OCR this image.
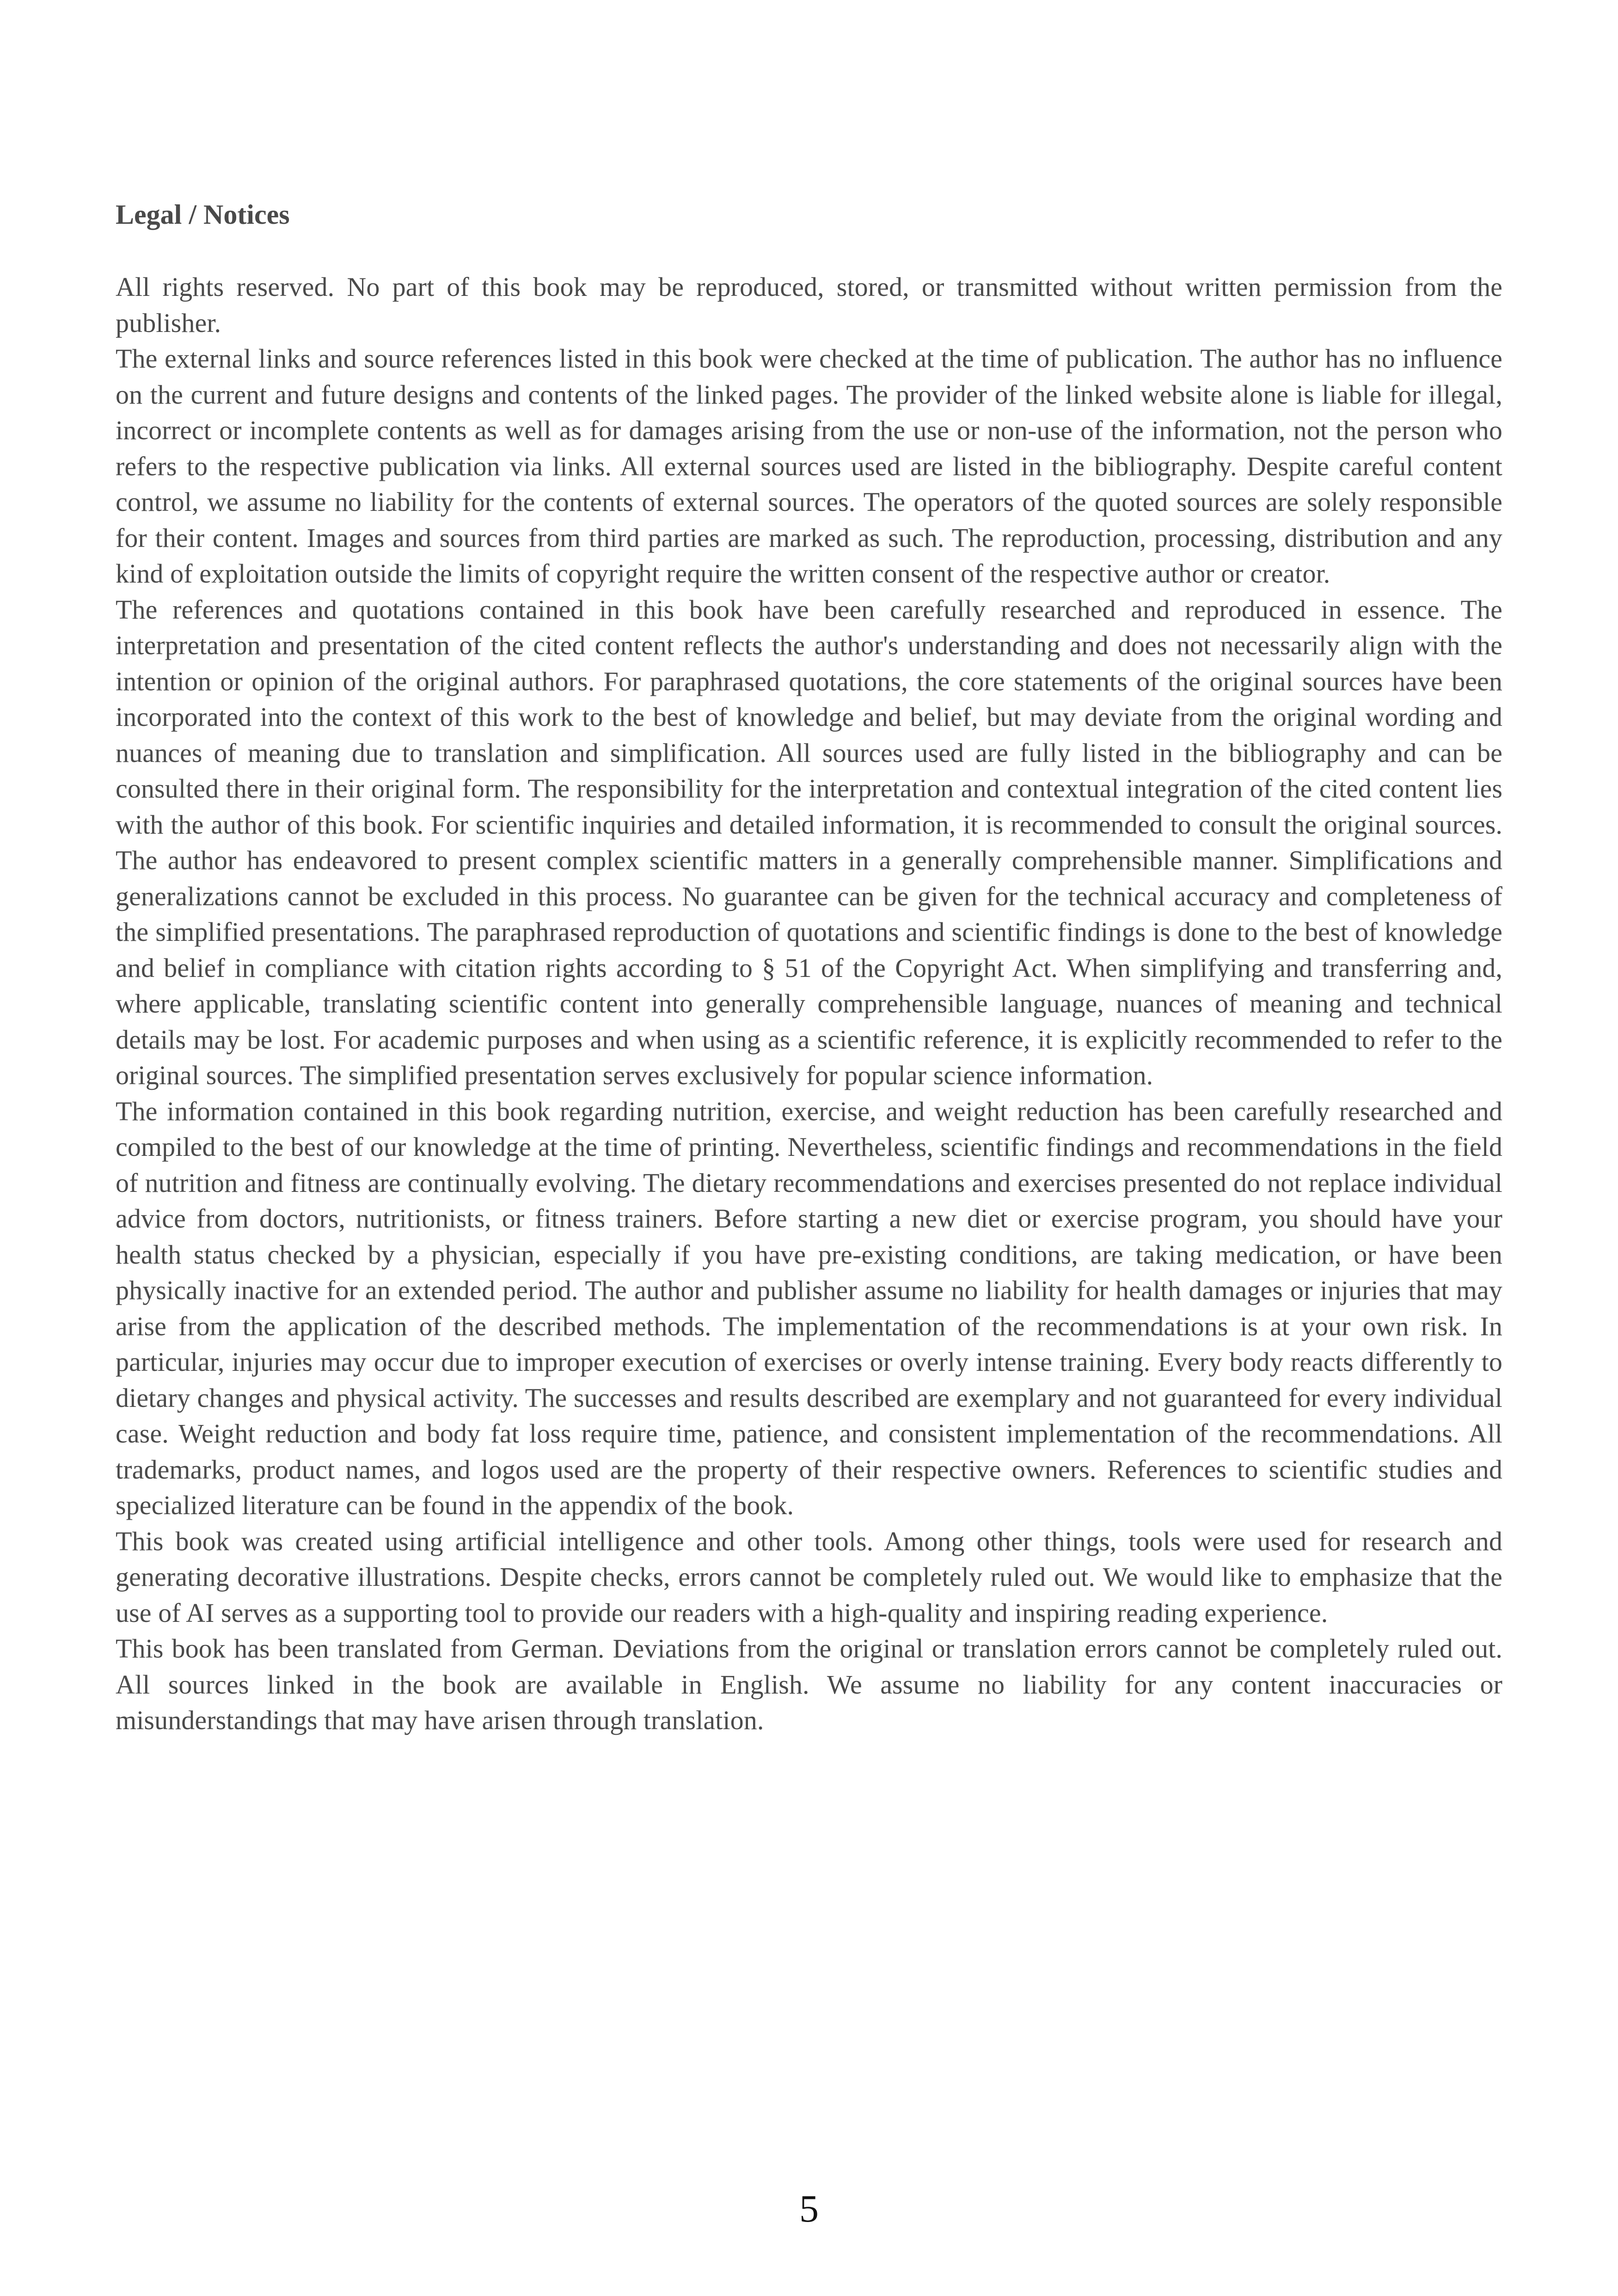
Legal / Notices

All rights reserved. No part of this book may be reproduced, stored, or transmitted without written permission from the publisher.

The external links and source references listed in this book were checked at the time of publication. The author has no influence on the current and future designs and contents of the linked pages. The provider of the linked website alone is liable for illegal, incorrect or incomplete contents as well as for damages arising from the use or non-use of the information, not the person who refers to the respective publication via links. All external sources used are listed in the bibliography. Despite careful content control, we assume no liability for the contents of external sources. The operators of the quoted sources are solely responsible for their content. Images and sources from third parties are marked as such. The reproduction, processing, distribution and any kind of exploitation outside the limits of copyright require the written consent of the respective author or creator.

The references and quotations contained in this book have been carefully researched and reproduced in essence. The interpretation and presentation of the cited content reflects the author's understanding and does not necessarily align with the intention or opinion of the original authors. For paraphrased quotations, the core statements of the original sources have been incorporated into the context of this work to the best of knowledge and belief, but may deviate from the original wording and nuances of meaning due to translation and simplification. All sources used are fully listed in the bibliography and can be consulted there in their original form. The responsibility for the interpretation and contextual integration of the cited content lies with the author of this book. For scientific inquiries and detailed information, it is recommended to consult the original sources. The author has endeavored to present complex scientific matters in a generally comprehensible manner. Simplifications and generalizations cannot be excluded in this process. No guarantee can be given for the technical accuracy and completeness of the simplified presentations. The paraphrased reproduction of quotations and scientific findings is done to the best of knowledge and belief in compliance with citation rights according to § 51 of the Copyright Act. When simplifying and transferring and, where applicable, translating scientific content into generally comprehensible language, nuances of meaning and technical details may be lost. For academic purposes and when using as a scientific reference, it is explicitly recommended to refer to the original sources. The simplified presentation serves exclusively for popular science information.

The information contained in this book regarding nutrition, exercise, and weight reduction has been carefully researched and compiled to the best of our knowledge at the time of printing. Nevertheless, scientific findings and recommendations in the field of nutrition and fitness are continually evolving. The dietary recommendations and exercises presented do not replace individual advice from doctors, nutritionists, or fitness trainers. Before starting a new diet or exercise program, you should have your health status checked by a physician, especially if you have pre-existing conditions, are taking medication, or have been physically inactive for an extended period. The author and publisher assume no liability for health damages or injuries that may arise from the application of the described methods. The implementation of the recommendations is at your own risk. In particular, injuries may occur due to improper execution of exercises or overly intense training. Every body reacts differently to dietary changes and physical activity. The successes and results described are exemplary and not guaranteed for every individual case. Weight reduction and body fat loss require time, patience, and consistent implementation of the recommendations. All trademarks, product names, and logos used are the property of their respective owners. References to scientific studies and specialized literature can be found in the appendix of the book.

This book was created using artificial intelligence and other tools. Among other things, tools were used for research and generating decorative illustrations. Despite checks, errors cannot be completely ruled out. We would like to emphasize that the use of AI serves as a supporting tool to provide our readers with a high-quality and inspiring reading experience.

This book has been translated from German. Deviations from the original or translation errors cannot be completely ruled out. All sources linked in the book are available in English. We assume no liability for any content inaccuracies or misunderstandings that may have arisen through translation.

5
